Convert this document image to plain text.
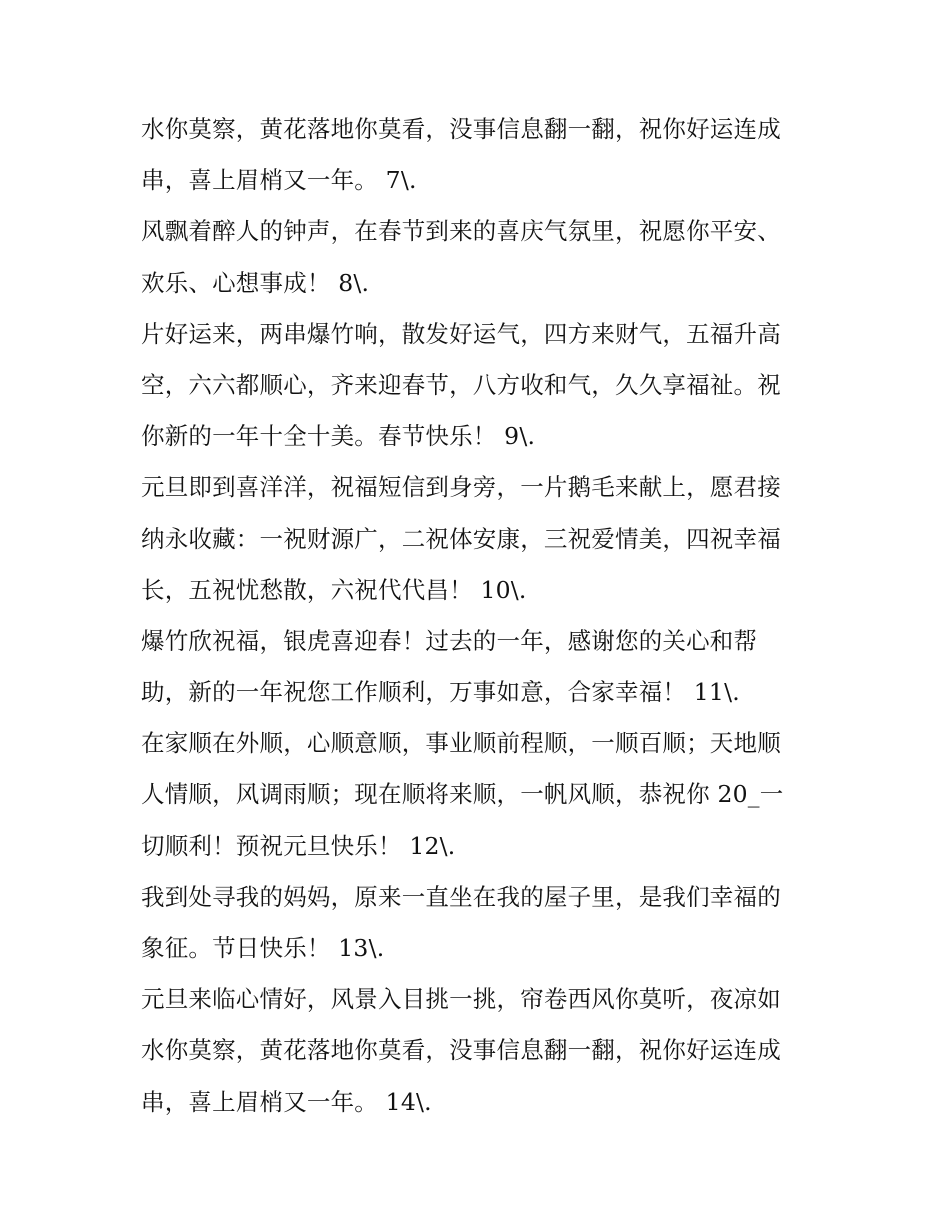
水你莫察，黄花落地你莫看，没事信息翻一翻，祝你好运连成
串，喜上眉梢又一年。 7\.
风飘着醉人的钟声，在春节到来的喜庆气氛里，祝愿你平安、
欢乐、心想事成！ 8\.
片好运来，两串爆竹响，散发好运气，四方来财气，五福升高
空，六六都顺心，齐来迎春节，八方收和气，久久享福祉。祝
你新的一年十全十美。春节快乐！ 9\.
元旦即到喜洋洋，祝福短信到身旁，一片鹅毛来献上，愿君接
纳永收藏：一祝财源广，二祝体安康，三祝爱情美，四祝幸福
长，五祝忧愁散，六祝代代昌！ 10\.
爆竹欣祝福，银虎喜迎春！过去的一年，感谢您的关心和帮
助，新的一年祝您工作顺利，万事如意，合家幸福！ 11\.
在家顺在外顺，心顺意顺，事业顺前程顺，一顺百顺；天地顺
人情顺，风调雨顺；现在顺将来顺，一帆风顺，恭祝你 20_一
切顺利！预祝元旦快乐！ 12\.
我到处寻我的妈妈，原来一直坐在我的屋子里，是我们幸福的
象征。节日快乐！ 13\.
元旦来临心情好，风景入目挑一挑，帘卷西风你莫听，夜凉如
水你莫察，黄花落地你莫看，没事信息翻一翻，祝你好运连成
串，喜上眉梢又一年。 14\.
